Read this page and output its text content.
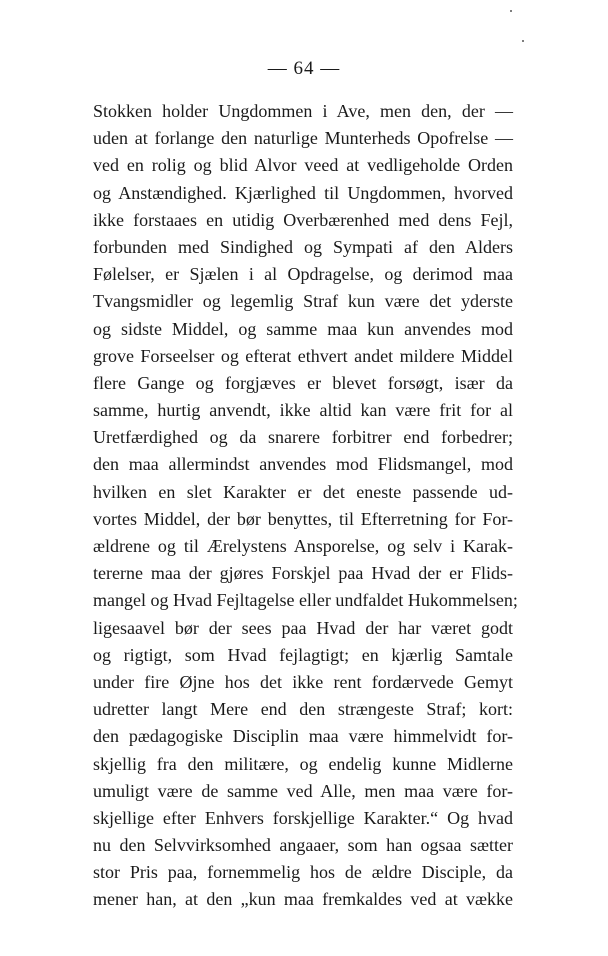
— 64 —
Stokken holder Ungdommen i Ave, men den, der —
uden at forlange den naturlige Munterheds Opofrelse —
ved en rolig og blid Alvor veed at vedligeholde Orden
og Anstændighed. Kjærlighed til Ungdommen, hvorved
ikke forstaaes en utidig Overbærenhed med dens Fejl,
forbunden med Sindighed og Sympati af den Alders
Følelser, er Sjælen i al Opdragelse, og derimod maa
Tvangsmidler og legemlig Straf kun være det yderste
og sidste Middel, og samme maa kun anvendes mod
grove Forseelser og efterat ethvert andet mildere Middel
flere Gange og forgjæves er blevet forsøgt, især da
samme, hurtig anvendt, ikke altid kan være frit for al
Uretfærdighed og da snarere forbitrer end forbedrer;
den maa allermindst anvendes mod Flidsmangel, mod
hvilken en slet Karakter er det eneste passende ud-
vortes Middel, der bør benyttes, til Efterretning for For-
ældrene og til Ærelystens Ansporelse, og selv i Karak-
tererne maa der gjøres Forskjel paa Hvad der er Flids-
mangel og Hvad Fejltagelse eller undfaldet Hukommelsen;
ligesaavel bør der sees paa Hvad der har været godt
og rigtigt, som Hvad fejlagtigt; en kjærlig Samtale
under fire Øjne hos det ikke rent fordærvede Gemyt
udretter langt Mere end den strængeste Straf; kort:
den pædagogiske Disciplin maa være himmelvidt for-
skjellig fra den militære, og endelig kunne Midlerne
umuligt være de samme ved Alle, men maa være for-
skjellige efter Enhvers forskjellige Karakter.“ Og hvad
nu den Selvvirksomhed angaaer, som han ogsaa sætter
stor Pris paa, fornemmelig hos de ældre Disciple, da
mener han, at den „kun maa fremkaldes ved at vække
